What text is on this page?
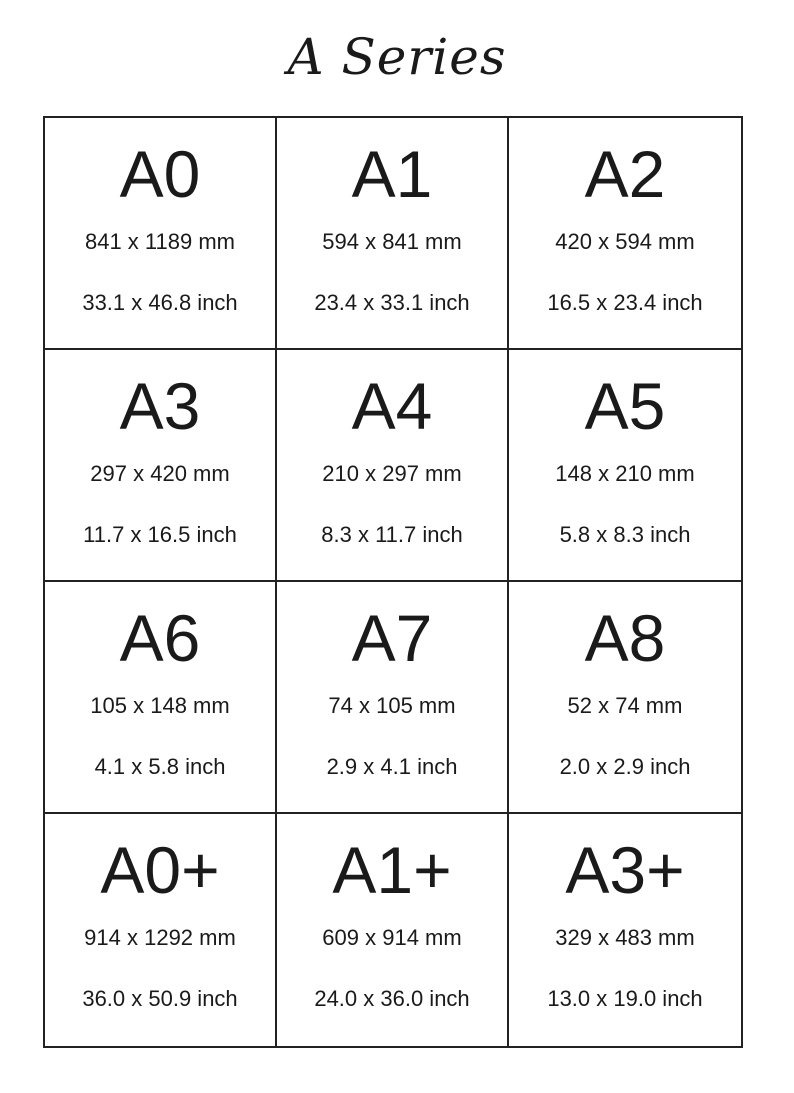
A Series
A0
841 x 1189 mm
33.1 x 46.8 inch
A1
594 x 841 mm
23.4 x 33.1 inch
A2
420 x 594 mm
16.5 x 23.4 inch
A3
297 x 420 mm
11.7 x 16.5 inch
A4
210 x 297 mm
8.3 x 11.7 inch
A5
148 x 210 mm
5.8 x 8.3 inch
A6
105 x 148 mm
4.1 x 5.8 inch
A7
74 x 105 mm
2.9 x 4.1 inch
A8
52 x 74 mm
2.0 x 2.9 inch
A0+
914 x 1292 mm
36.0 x 50.9 inch
A1+
609 x 914 mm
24.0 x 36.0 inch
A3+
329 x 483 mm
13.0 x 19.0 inch
